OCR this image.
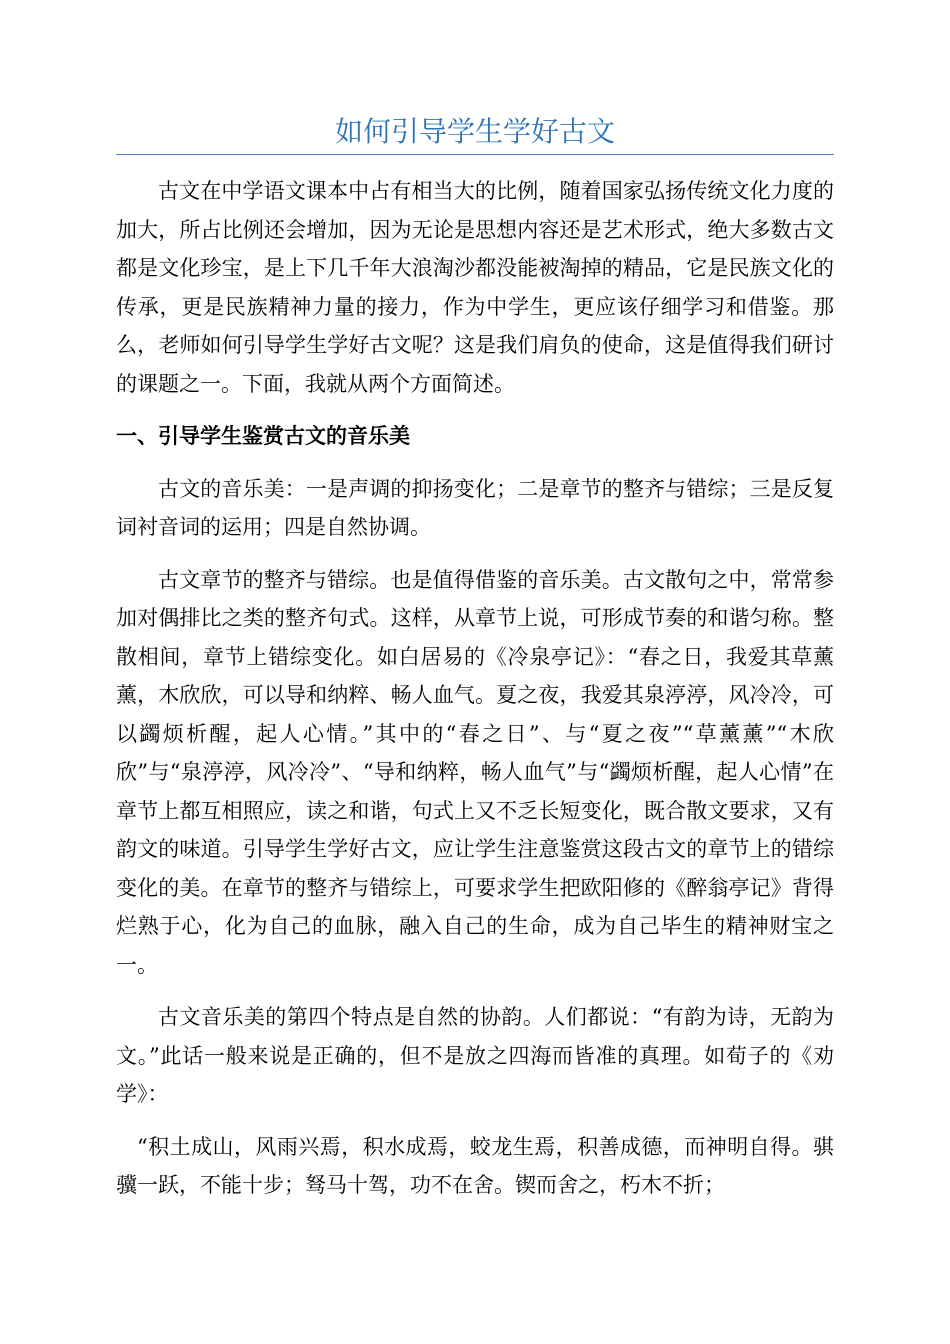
如何引导学生学好古文

古文在中学语文课本中占有相当大的比例，随着国家弘扬传统文化力度的加大，所占比例还会增加，因为无论是思想内容还是艺术形式，绝大多数古文都是文化珍宝，是上下几千年大浪淘沙都没能被淘掉的精品，它是民族文化的传承，更是民族精神力量的接力，作为中学生，更应该仔细学习和借鉴。那么，老师如何引导学生学好古文呢？这是我们肩负的使命，这是值得我们研讨的课题之一。下面，我就从两个方面简述。

一、引导学生鉴赏古文的音乐美

古文的音乐美：一是声调的抑扬变化；二是章节的整齐与错综；三是反复词衬音词的运用；四是自然协调。

古文章节的整齐与错综。也是值得借鉴的音乐美。古文散句之中，常常参加对偶排比之类的整齐句式。这样，从章节上说，可形成节奏的和谐匀称。整散相间，章节上错综变化。如白居易的《冷泉亭记》：“春之日，我爱其草薰薰，木欣欣，可以导和纳粹、畅人血气。夏之夜，我爱其泉渟渟，风冷冷，可以蠲烦析醒，起人心情。”其中的“春之日”、与“夏之夜”“草薰薰”“木欣欣”与“泉渟渟，风冷冷”、“导和纳粹，畅人血气”与“蠲烦析醒，起人心情”在章节上都互相照应，读之和谐，句式上又不乏长短变化，既合散文要求，又有韵文的味道。引导学生学好古文，应让学生注意鉴赏这段古文的章节上的错综变化的美。在章节的整齐与错综上，可要求学生把欧阳修的《醉翁亭记》背得烂熟于心，化为自己的血脉，融入自己的生命，成为自己毕生的精神财宝之一。

古文音乐美的第四个特点是自然的协韵。人们都说：“有韵为诗，无韵为文。”此话一般来说是正确的，但不是放之四海而皆准的真理。如荀子的《劝学》：

“积土成山，风雨兴焉，积水成焉，蛟龙生焉，积善成德，而神明自得。骐骥一跃，不能十步；驽马十驾，功不在舍。锲而舍之，朽木不折；
